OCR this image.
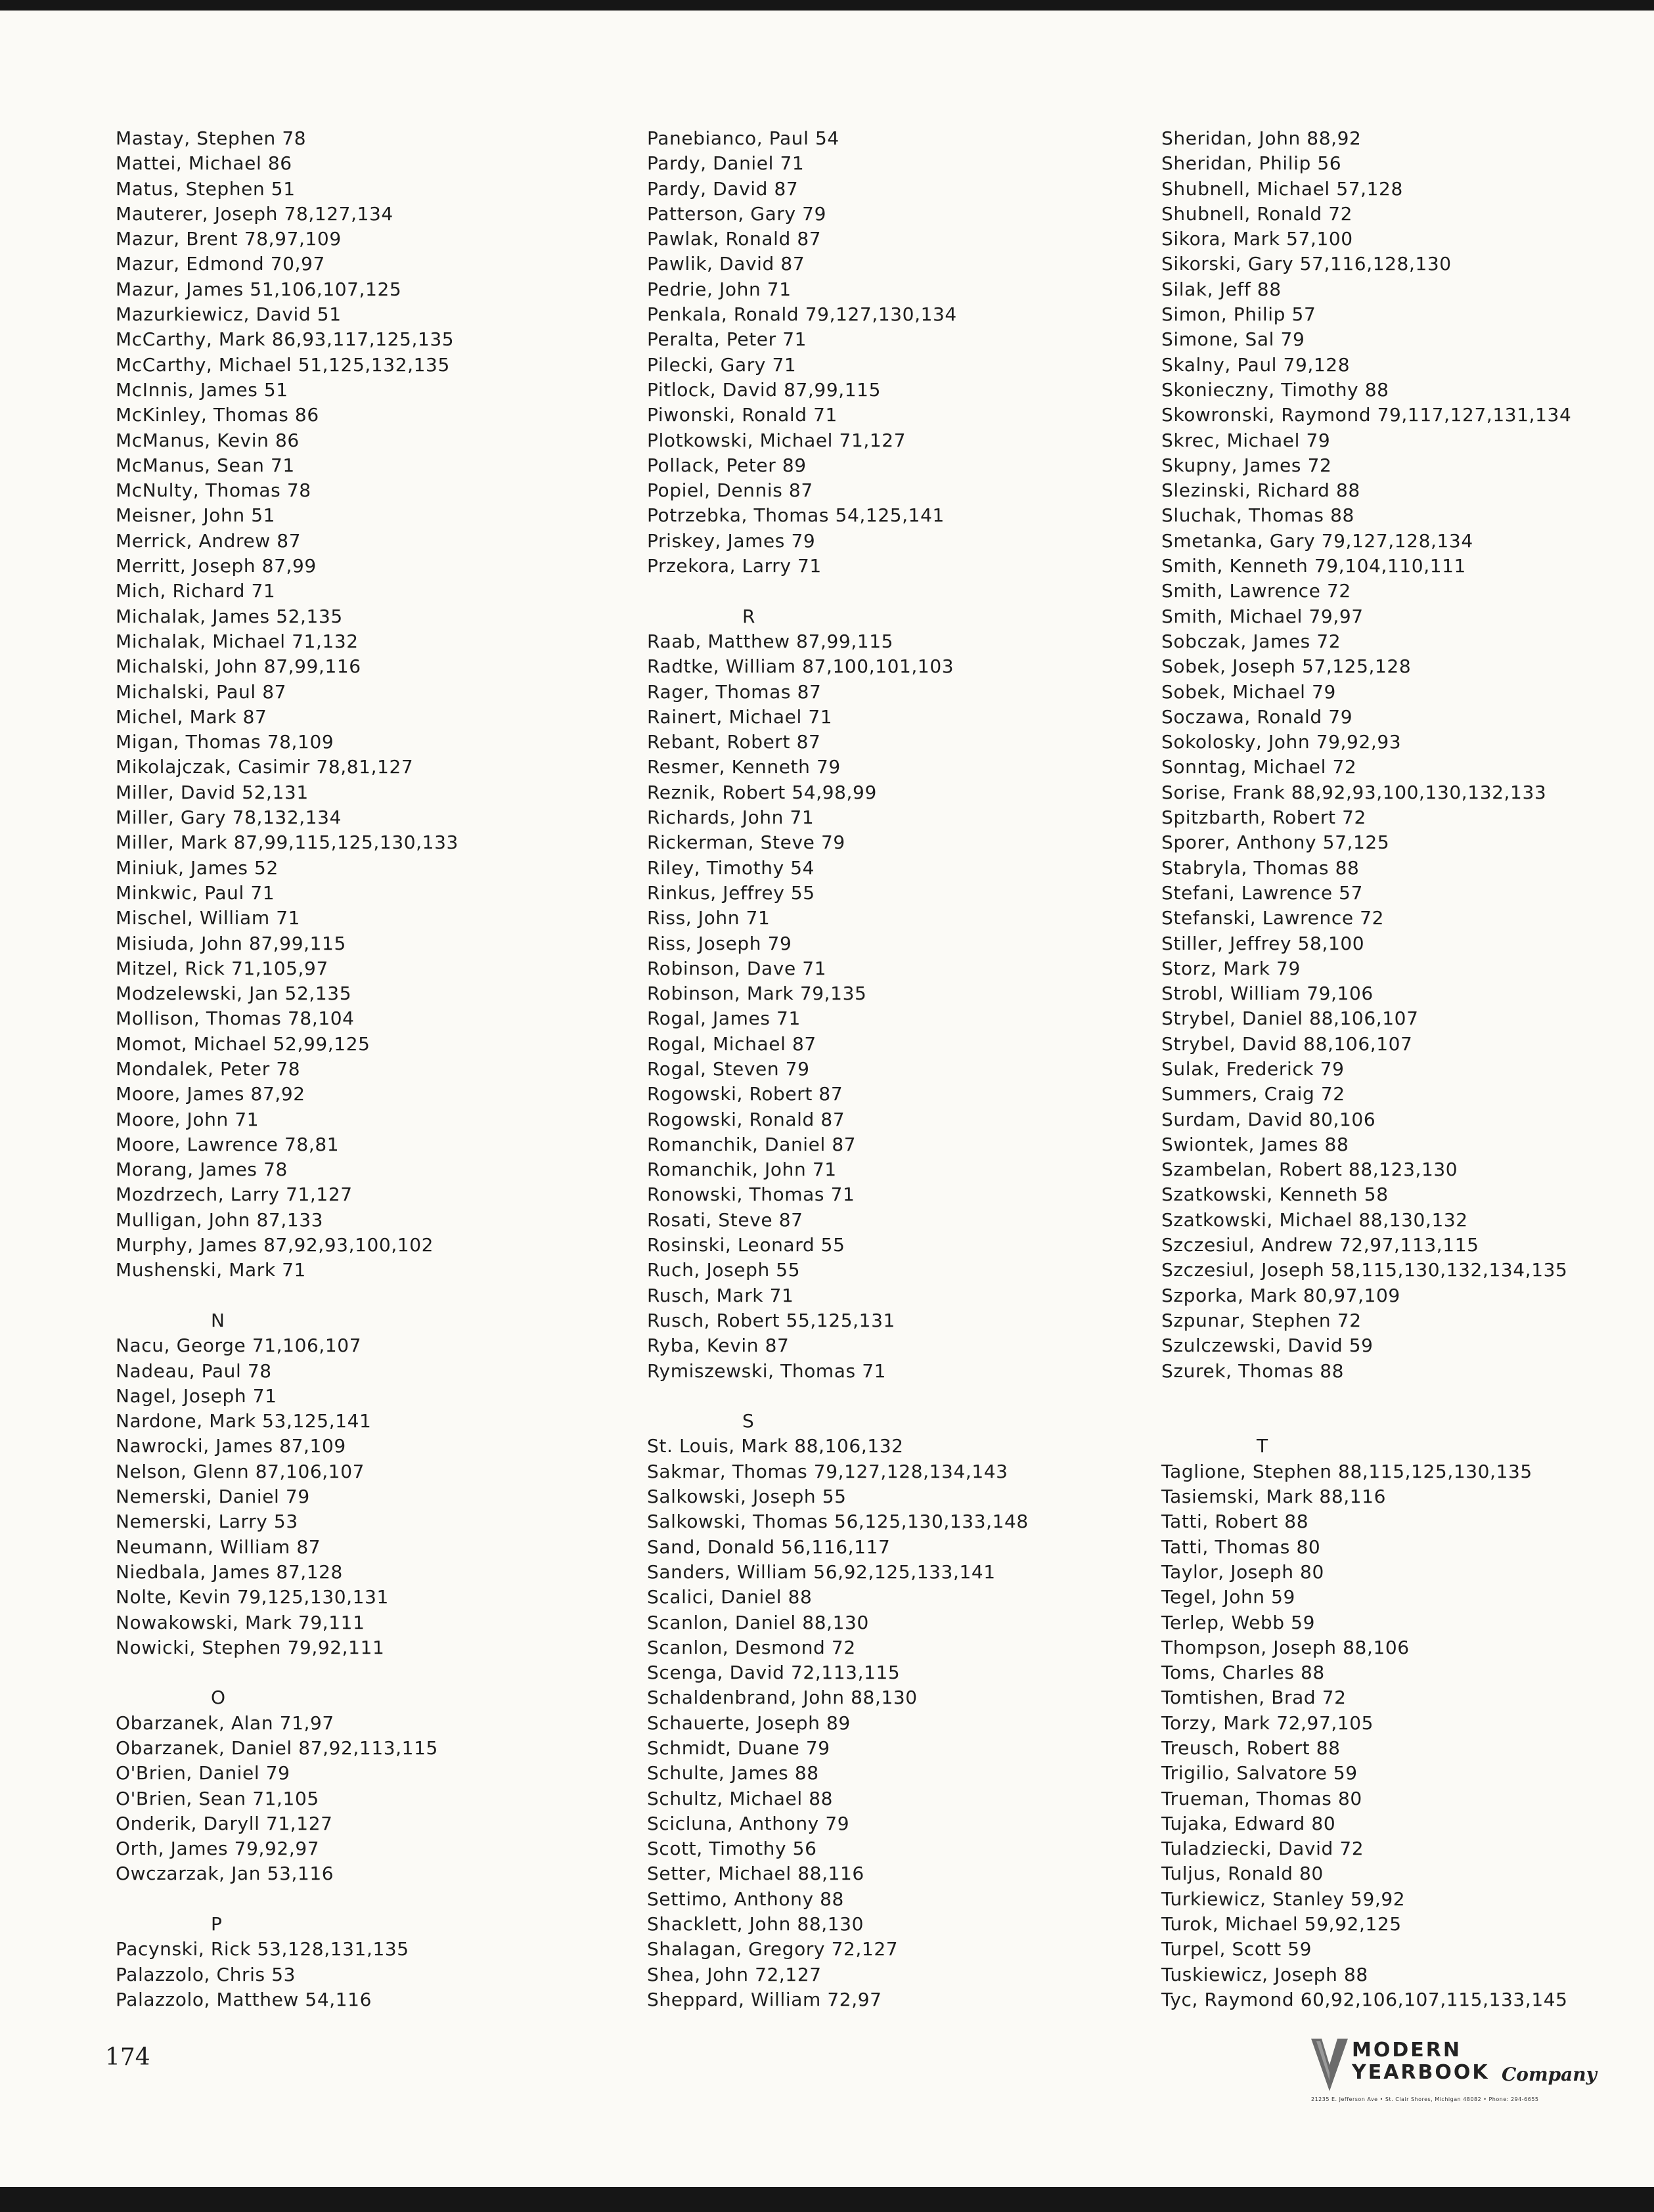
Mastay, Stephen 78
Mattei, Michael 86
Matus, Stephen 51
Mauterer, Joseph 78,127,134
Mazur, Brent 78,97,109
Mazur, Edmond 70,97
Mazur, James 51,106,107,125
Mazurkiewicz, David 51
McCarthy, Mark 86,93,117,125,135
McCarthy, Michael 51,125,132,135
McInnis, James 51
McKinley, Thomas 86
McManus, Kevin 86
McManus, Sean 71
McNulty, Thomas 78
Meisner, John 51
Merrick, Andrew 87
Merritt, Joseph 87,99
Mich, Richard 71
Michalak, James 52,135
Michalak, Michael 71,132
Michalski, John 87,99,116
Michalski, Paul 87
Michel, Mark 87
Migan, Thomas 78,109
Mikolajczak, Casimir 78,81,127
Miller, David 52,131
Miller, Gary 78,132,134
Miller, Mark 87,99,115,125,130,133
Miniuk, James 52
Minkwic, Paul 71
Mischel, William 71
Misiuda, John 87,99,115
Mitzel, Rick 71,105,97
Modzelewski, Jan 52,135
Mollison, Thomas 78,104
Momot, Michael 52,99,125
Mondalek, Peter 78
Moore, James 87,92
Moore, John 71
Moore, Lawrence 78,81
Morang, James 78
Mozdrzech, Larry 71,127
Mulligan, John 87,133
Murphy, James 87,92,93,100,102
Mushenski, Mark 71
N
Nacu, George 71,106,107
Nadeau, Paul 78
Nagel, Joseph 71
Nardone, Mark 53,125,141
Nawrocki, James 87,109
Nelson, Glenn 87,106,107
Nemerski, Daniel 79
Nemerski, Larry 53
Neumann, William 87
Niedbala, James 87,128
Nolte, Kevin 79,125,130,131
Nowakowski, Mark 79,111
Nowicki, Stephen 79,92,111
O
Obarzanek, Alan 71,97
Obarzanek, Daniel 87,92,113,115
O'Brien, Daniel 79
O'Brien, Sean 71,105
Onderik, Daryll 71,127
Orth, James 79,92,97
Owczarzak, Jan 53,116
P
Pacynski, Rick 53,128,131,135
Palazzolo, Chris 53
Palazzolo, Matthew 54,116
Panebianco, Paul 54
Pardy, Daniel 71
Pardy, David 87
Patterson, Gary 79
Pawlak, Ronald 87
Pawlik, David 87
Pedrie, John 71
Penkala, Ronald 79,127,130,134
Peralta, Peter 71
Pilecki, Gary 71
Pitlock, David 87,99,115
Piwonski, Ronald 71
Plotkowski, Michael 71,127
Pollack, Peter 89
Popiel, Dennis 87
Potrzebka, Thomas 54,125,141
Priskey, James 79
Przekora, Larry 71
R
Raab, Matthew 87,99,115
Radtke, William 87,100,101,103
Rager, Thomas 87
Rainert, Michael 71
Rebant, Robert 87
Resmer, Kenneth 79
Reznik, Robert 54,98,99
Richards, John 71
Rickerman, Steve 79
Riley, Timothy 54
Rinkus, Jeffrey 55
Riss, John 71
Riss, Joseph 79
Robinson, Dave 71
Robinson, Mark 79,135
Rogal, James 71
Rogal, Michael 87
Rogal, Steven 79
Rogowski, Robert 87
Rogowski, Ronald 87
Romanchik, Daniel 87
Romanchik, John 71
Ronowski, Thomas 71
Rosati, Steve 87
Rosinski, Leonard 55
Ruch, Joseph 55
Rusch, Mark 71
Rusch, Robert 55,125,131
Ryba, Kevin 87
Rymiszewski, Thomas 71
S
St. Louis, Mark 88,106,132
Sakmar, Thomas 79,127,128,134,143
Salkowski, Joseph 55
Salkowski, Thomas 56,125,130,133,148
Sand, Donald 56,116,117
Sanders, William 56,92,125,133,141
Scalici, Daniel 88
Scanlon, Daniel 88,130
Scanlon, Desmond 72
Scenga, David 72,113,115
Schaldenbrand, John 88,130
Schauerte, Joseph 89
Schmidt, Duane 79
Schulte, James 88
Schultz, Michael 88
Scicluna, Anthony 79
Scott, Timothy 56
Setter, Michael 88,116
Settimo, Anthony 88
Shacklett, John 88,130
Shalagan, Gregory 72,127
Shea, John 72,127
Sheppard, William 72,97
Sheridan, John 88,92
Sheridan, Philip 56
Shubnell, Michael 57,128
Shubnell, Ronald 72
Sikora, Mark 57,100
Sikorski, Gary 57,116,128,130
Silak, Jeff 88
Simon, Philip 57
Simone, Sal 79
Skalny, Paul 79,128
Skonieczny, Timothy 88
Skowronski, Raymond 79,117,127,131,134
Skrec, Michael 79
Skupny, James 72
Slezinski, Richard 88
Sluchak, Thomas 88
Smetanka, Gary 79,127,128,134
Smith, Kenneth 79,104,110,111
Smith, Lawrence 72
Smith, Michael 79,97
Sobczak, James 72
Sobek, Joseph 57,125,128
Sobek, Michael 79
Soczawa, Ronald 79
Sokolosky, John 79,92,93
Sonntag, Michael 72
Sorise, Frank 88,92,93,100,130,132,133
Spitzbarth, Robert 72
Sporer, Anthony 57,125
Stabryla, Thomas 88
Stefani, Lawrence 57
Stefanski, Lawrence 72
Stiller, Jeffrey 58,100
Storz, Mark 79
Strobl, William 79,106
Strybel, Daniel 88,106,107
Strybel, David 88,106,107
Sulak, Frederick 79
Summers, Craig 72
Surdam, David 80,106
Swiontek, James 88
Szambelan, Robert 88,123,130
Szatkowski, Kenneth 58
Szatkowski, Michael 88,130,132
Szczesiul, Andrew 72,97,113,115
Szczesiul, Joseph 58,115,130,132,134,135
Szporka, Mark 80,97,109
Szpunar, Stephen 72
Szulczewski, David 59
Szurek, Thomas 88
T
Taglione, Stephen 88,115,125,130,135
Tasiemski, Mark 88,116
Tatti, Robert 88
Tatti, Thomas 80
Taylor, Joseph 80
Tegel, John 59
Terlep, Webb 59
Thompson, Joseph 88,106
Toms, Charles 88
Tomtishen, Brad 72
Torzy, Mark 72,97,105
Treusch, Robert 88
Trigilio, Salvatore 59
Trueman, Thomas 80
Tujaka, Edward 80
Tuladziecki, David 72
Tuljus, Ronald 80
Turkiewicz, Stanley 59,92
Turok, Michael 59,92,125
Turpel, Scott 59
Tuskiewicz, Joseph 88
Tyc, Raymond 60,92,106,107,115,133,145
174	MODERN
YEARBOOK Company
21235 E. Jefferson Ave • St. Clair Shores, Michigan 48082 • Phone: 294-6655
